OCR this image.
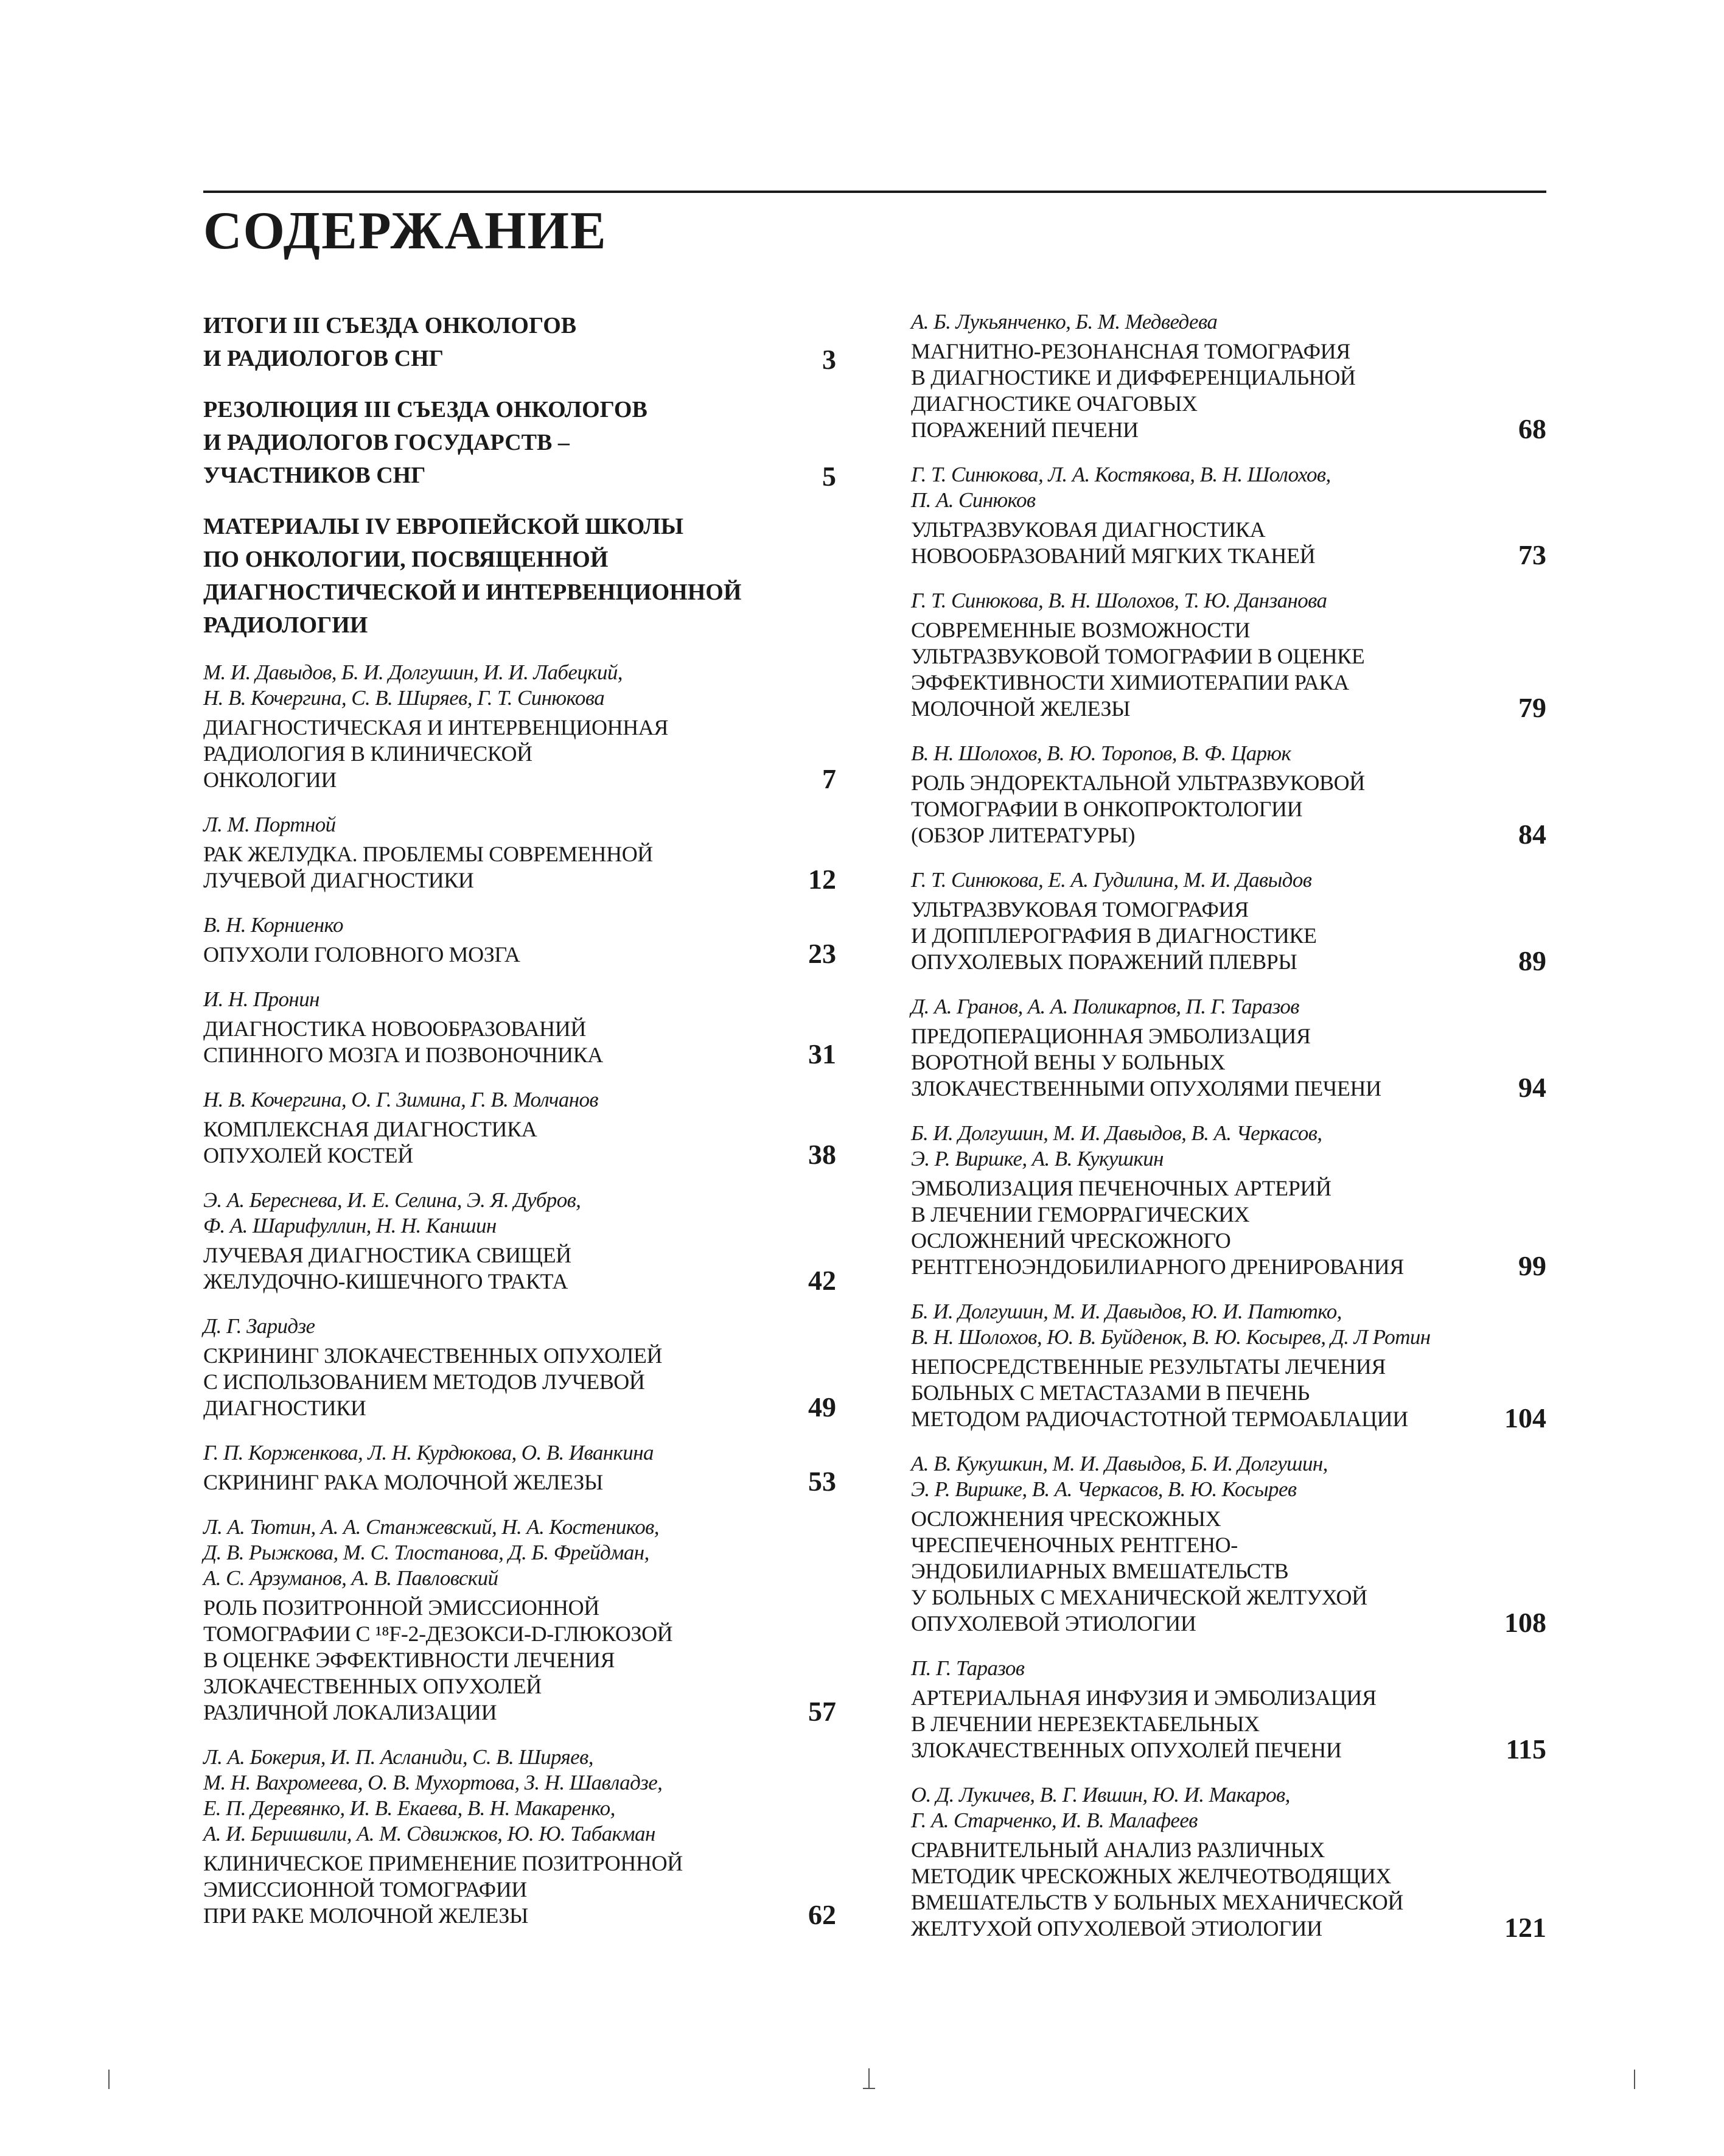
СОДЕРЖАНИЕ
ИТОГИ III СЪЕЗДА ОНКОЛОГОВ
И РАДИОЛОГОВ СНГ	3
РЕЗОЛЮЦИЯ III СЪЕЗДА ОНКОЛОГОВ
И РАДИОЛОГОВ ГОСУДАРСТВ –
УЧАСТНИКОВ СНГ	5
МАТЕРИАЛЫ IV ЕВРОПЕЙСКОЙ ШКОЛЫ
ПО ОНКОЛОГИИ, ПОСВЯЩЕННОЙ
ДИАГНОСТИЧЕСКОЙ И ИНТЕРВЕНЦИОННОЙ
РАДИОЛОГИИ
М. И. Давыдов, Б. И. Долгушин, И. И. Лабецкий,
Н. В. Кочергина, С. В. Ширяев, Г. Т. Синюкова
ДИАГНОСТИЧЕСКАЯ И ИНТЕРВЕНЦИОННАЯ
РАДИОЛОГИЯ В КЛИНИЧЕСКОЙ
ОНКОЛОГИИ	7
Л. М. Портной
РАК ЖЕЛУДКА. ПРОБЛЕМЫ СОВРЕМЕННОЙ
ЛУЧЕВОЙ ДИАГНОСТИКИ	12
В. Н. Корниенко
ОПУХОЛИ ГОЛОВНОГО МОЗГА	23
И. Н. Пронин
ДИАГНОСТИКА НОВООБРАЗОВАНИЙ
СПИННОГО МОЗГА И ПОЗВОНОЧНИКА	31
Н. В. Кочергина, О. Г. Зимина, Г. В. Молчанов
КОМПЛЕКСНАЯ ДИАГНОСТИКА
ОПУХОЛЕЙ КОСТЕЙ	38
Э. А. Береснева, И. Е. Селина, Э. Я. Дубров,
Ф. А. Шарифуллин, Н. Н. Каншин
ЛУЧЕВАЯ ДИАГНОСТИКА СВИЩЕЙ
ЖЕЛУДОЧНО-КИШЕЧНОГО ТРАКТА	42
Д. Г. Заридзе
СКРИНИНГ ЗЛОКАЧЕСТВЕННЫХ ОПУХОЛЕЙ
С ИСПОЛЬЗОВАНИЕМ МЕТОДОВ ЛУЧЕВОЙ
ДИАГНОСТИКИ	49
Г. П. Корженкова, Л. Н. Курдюкова, О. В. Иванкина
СКРИНИНГ РАКА МОЛОЧНОЙ ЖЕЛЕЗЫ	53
Л. А. Тютин, А. А. Станжевский, Н. А. Костеников,
Д. В. Рыжкова, М. С. Тлостанова, Д. Б. Фрейдман,
А. С. Арзуманов, А. В. Павловский
РОЛЬ ПОЗИТРОННОЙ ЭМИССИОННОЙ
ТОМОГРАФИИ С ¹⁸F-2-ДЕЗОКСИ-D-ГЛЮКОЗОЙ
В ОЦЕНКЕ ЭФФЕКТИВНОСТИ ЛЕЧЕНИЯ
ЗЛОКАЧЕСТВЕННЫХ ОПУХОЛЕЙ
РАЗЛИЧНОЙ ЛОКАЛИЗАЦИИ	57
Л. А. Бокерия, И. П. Асланиди, С. В. Ширяев,
М. Н. Вахромеева, О. В. Мухортова, З. Н. Шавладзе,
Е. П. Деревянко, И. В. Екаева, В. Н. Макаренко,
А. И. Беришвили, А. М. Сдвижков, Ю. Ю. Табакман
КЛИНИЧЕСКОЕ ПРИМЕНЕНИЕ ПОЗИТРОННОЙ
ЭМИССИОННОЙ ТОМОГРАФИИ
ПРИ РАКЕ МОЛОЧНОЙ ЖЕЛЕЗЫ	62
А. Б. Лукьянченко, Б. М. Медведева
МАГНИТНО-РЕЗОНАНСНАЯ ТОМОГРАФИЯ
В ДИАГНОСТИКЕ И ДИФФЕРЕНЦИАЛЬНОЙ
ДИАГНОСТИКЕ ОЧАГОВЫХ
ПОРАЖЕНИЙ ПЕЧЕНИ	68
Г. Т. Синюкова, Л. А. Костякова, В. Н. Шолохов,
П. А. Синюков
УЛЬТРАЗВУКОВАЯ ДИАГНОСТИКА
НОВООБРАЗОВАНИЙ МЯГКИХ ТКАНЕЙ	73
Г. Т. Синюкова, В. Н. Шолохов, Т. Ю. Данзанова
СОВРЕМЕННЫЕ ВОЗМОЖНОСТИ
УЛЬТРАЗВУКОВОЙ ТОМОГРАФИИ В ОЦЕНКЕ
ЭФФЕКТИВНОСТИ ХИМИОТЕРАПИИ РАКА
МОЛОЧНОЙ ЖЕЛЕЗЫ	79
В. Н. Шолохов, В. Ю. Торопов, В. Ф. Царюк
РОЛЬ ЭНДОРЕКТАЛЬНОЙ УЛЬТРАЗВУКОВОЙ
ТОМОГРАФИИ В ОНКОПРОКТОЛОГИИ
(ОБЗОР ЛИТЕРАТУРЫ)	84
Г. Т. Синюкова, Е. А. Гудилина, М. И. Давыдов
УЛЬТРАЗВУКОВАЯ ТОМОГРАФИЯ
И ДОППЛЕРОГРАФИЯ В ДИАГНОСТИКЕ
ОПУХОЛЕВЫХ ПОРАЖЕНИЙ ПЛЕВРЫ	89
Д. А. Гранов, А. А. Поликарпов, П. Г. Таразов
ПРЕДОПЕРАЦИОННАЯ ЭМБОЛИЗАЦИЯ
ВОРОТНОЙ ВЕНЫ У БОЛЬНЫХ
ЗЛОКАЧЕСТВЕННЫМИ ОПУХОЛЯМИ ПЕЧЕНИ	94
Б. И. Долгушин, М. И. Давыдов, В. А. Черкасов,
Э. Р. Виршке, А. В. Кукушкин
ЭМБОЛИЗАЦИЯ ПЕЧЕНОЧНЫХ АРТЕРИЙ
В ЛЕЧЕНИИ ГЕМОРРАГИЧЕСКИХ
ОСЛОЖНЕНИЙ ЧРЕСКОЖНОГО
РЕНТГЕНОЭНДОБИЛИАРНОГО ДРЕНИРОВАНИЯ	99
Б. И. Долгушин, М. И. Давыдов, Ю. И. Патютко,
В. Н. Шолохов, Ю. В. Буйденок, В. Ю. Косырев, Д. Л Ротин
НЕПОСРЕДСТВЕННЫЕ РЕЗУЛЬТАТЫ ЛЕЧЕНИЯ
БОЛЬНЫХ С МЕТАСТАЗАМИ В ПЕЧЕНЬ
МЕТОДОМ РАДИОЧАСТОТНОЙ ТЕРМОАБЛАЦИИ	104
А. В. Кукушкин, М. И. Давыдов, Б. И. Долгушин,
Э. Р. Виршке, В. А. Черкасов, В. Ю. Косырев
ОСЛОЖНЕНИЯ ЧРЕСКОЖНЫХ
ЧРЕСПЕЧЕНОЧНЫХ РЕНТГЕНО-
ЭНДОБИЛИАРНЫХ ВМЕШАТЕЛЬСТВ
У БОЛЬНЫХ С МЕХАНИЧЕСКОЙ ЖЕЛТУХОЙ
ОПУХОЛЕВОЙ ЭТИОЛОГИИ	108
П. Г. Таразов
АРТЕРИАЛЬНАЯ ИНФУЗИЯ И ЭМБОЛИЗАЦИЯ
В ЛЕЧЕНИИ НЕРЕЗЕКТАБЕЛЬНЫХ
ЗЛОКАЧЕСТВЕННЫХ ОПУХОЛЕЙ ПЕЧЕНИ	115
О. Д. Лукичев, В. Г. Ившин, Ю. И. Макаров,
Г. А. Старченко, И. В. Малафеев
СРАВНИТЕЛЬНЫЙ АНАЛИЗ РАЗЛИЧНЫХ
МЕТОДИК ЧРЕСКОЖНЫХ ЖЕЛЧЕОТВОДЯЩИХ
ВМЕШАТЕЛЬСТВ У БОЛЬНЫХ МЕХАНИЧЕСКОЙ
ЖЕЛТУХОЙ ОПУХОЛЕВОЙ ЭТИОЛОГИИ	121
